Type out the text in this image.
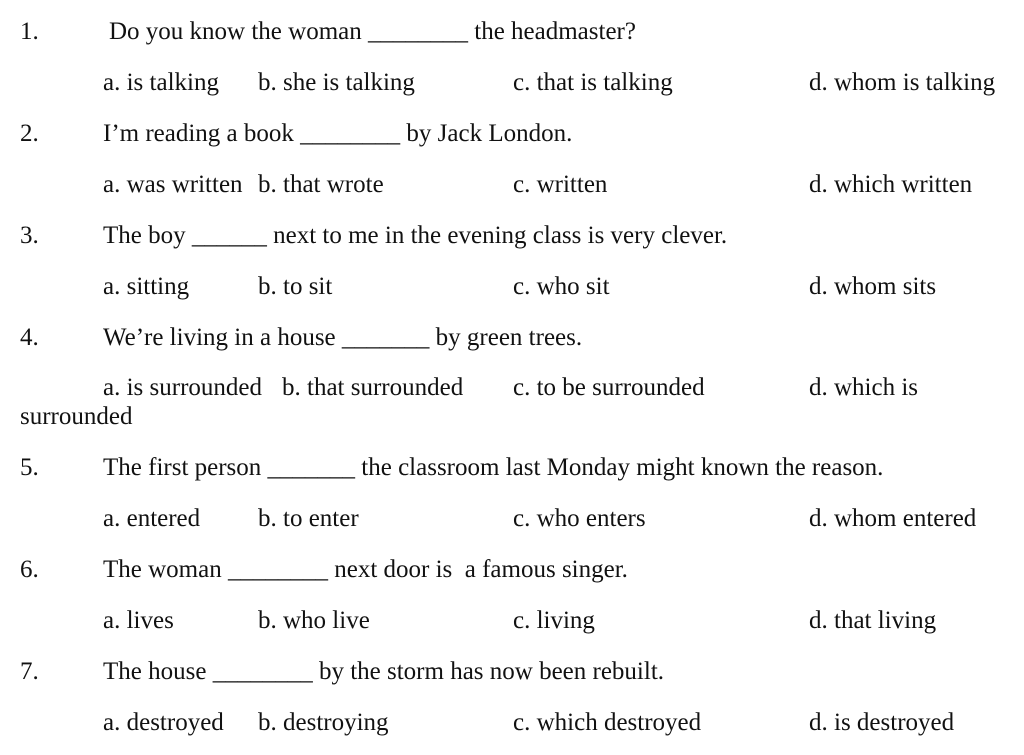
1.	Do you know the woman ________ the headmaster?
a. is talking b. she is talking	c. that is talking	d. whom is talking
2.	I’m reading a book ________ by Jack London.
a. was written b. that wrote	c. written	d. which written
3.	The boy ______ next to me in the evening class is very clever.
a. sitting	b. to sit	c. who sit	d. whom sits
4.	We’re living in a house _______ by green trees.
a. is surrounded b. that surrounded c. to be surrounded	d. which is
surrounded
5.	The first person _______ the classroom last Monday might known the reason.
a. entered b. to enter	c. who enters	d. whom entered
6.	The woman ________ next door is  a famous singer.
a. lives	b. who live	c. living	d. that living
7.	The house ________ by the storm has now been rebuilt.
a. destroyed b. destroying	c. which destroyed	d. is destroyed
